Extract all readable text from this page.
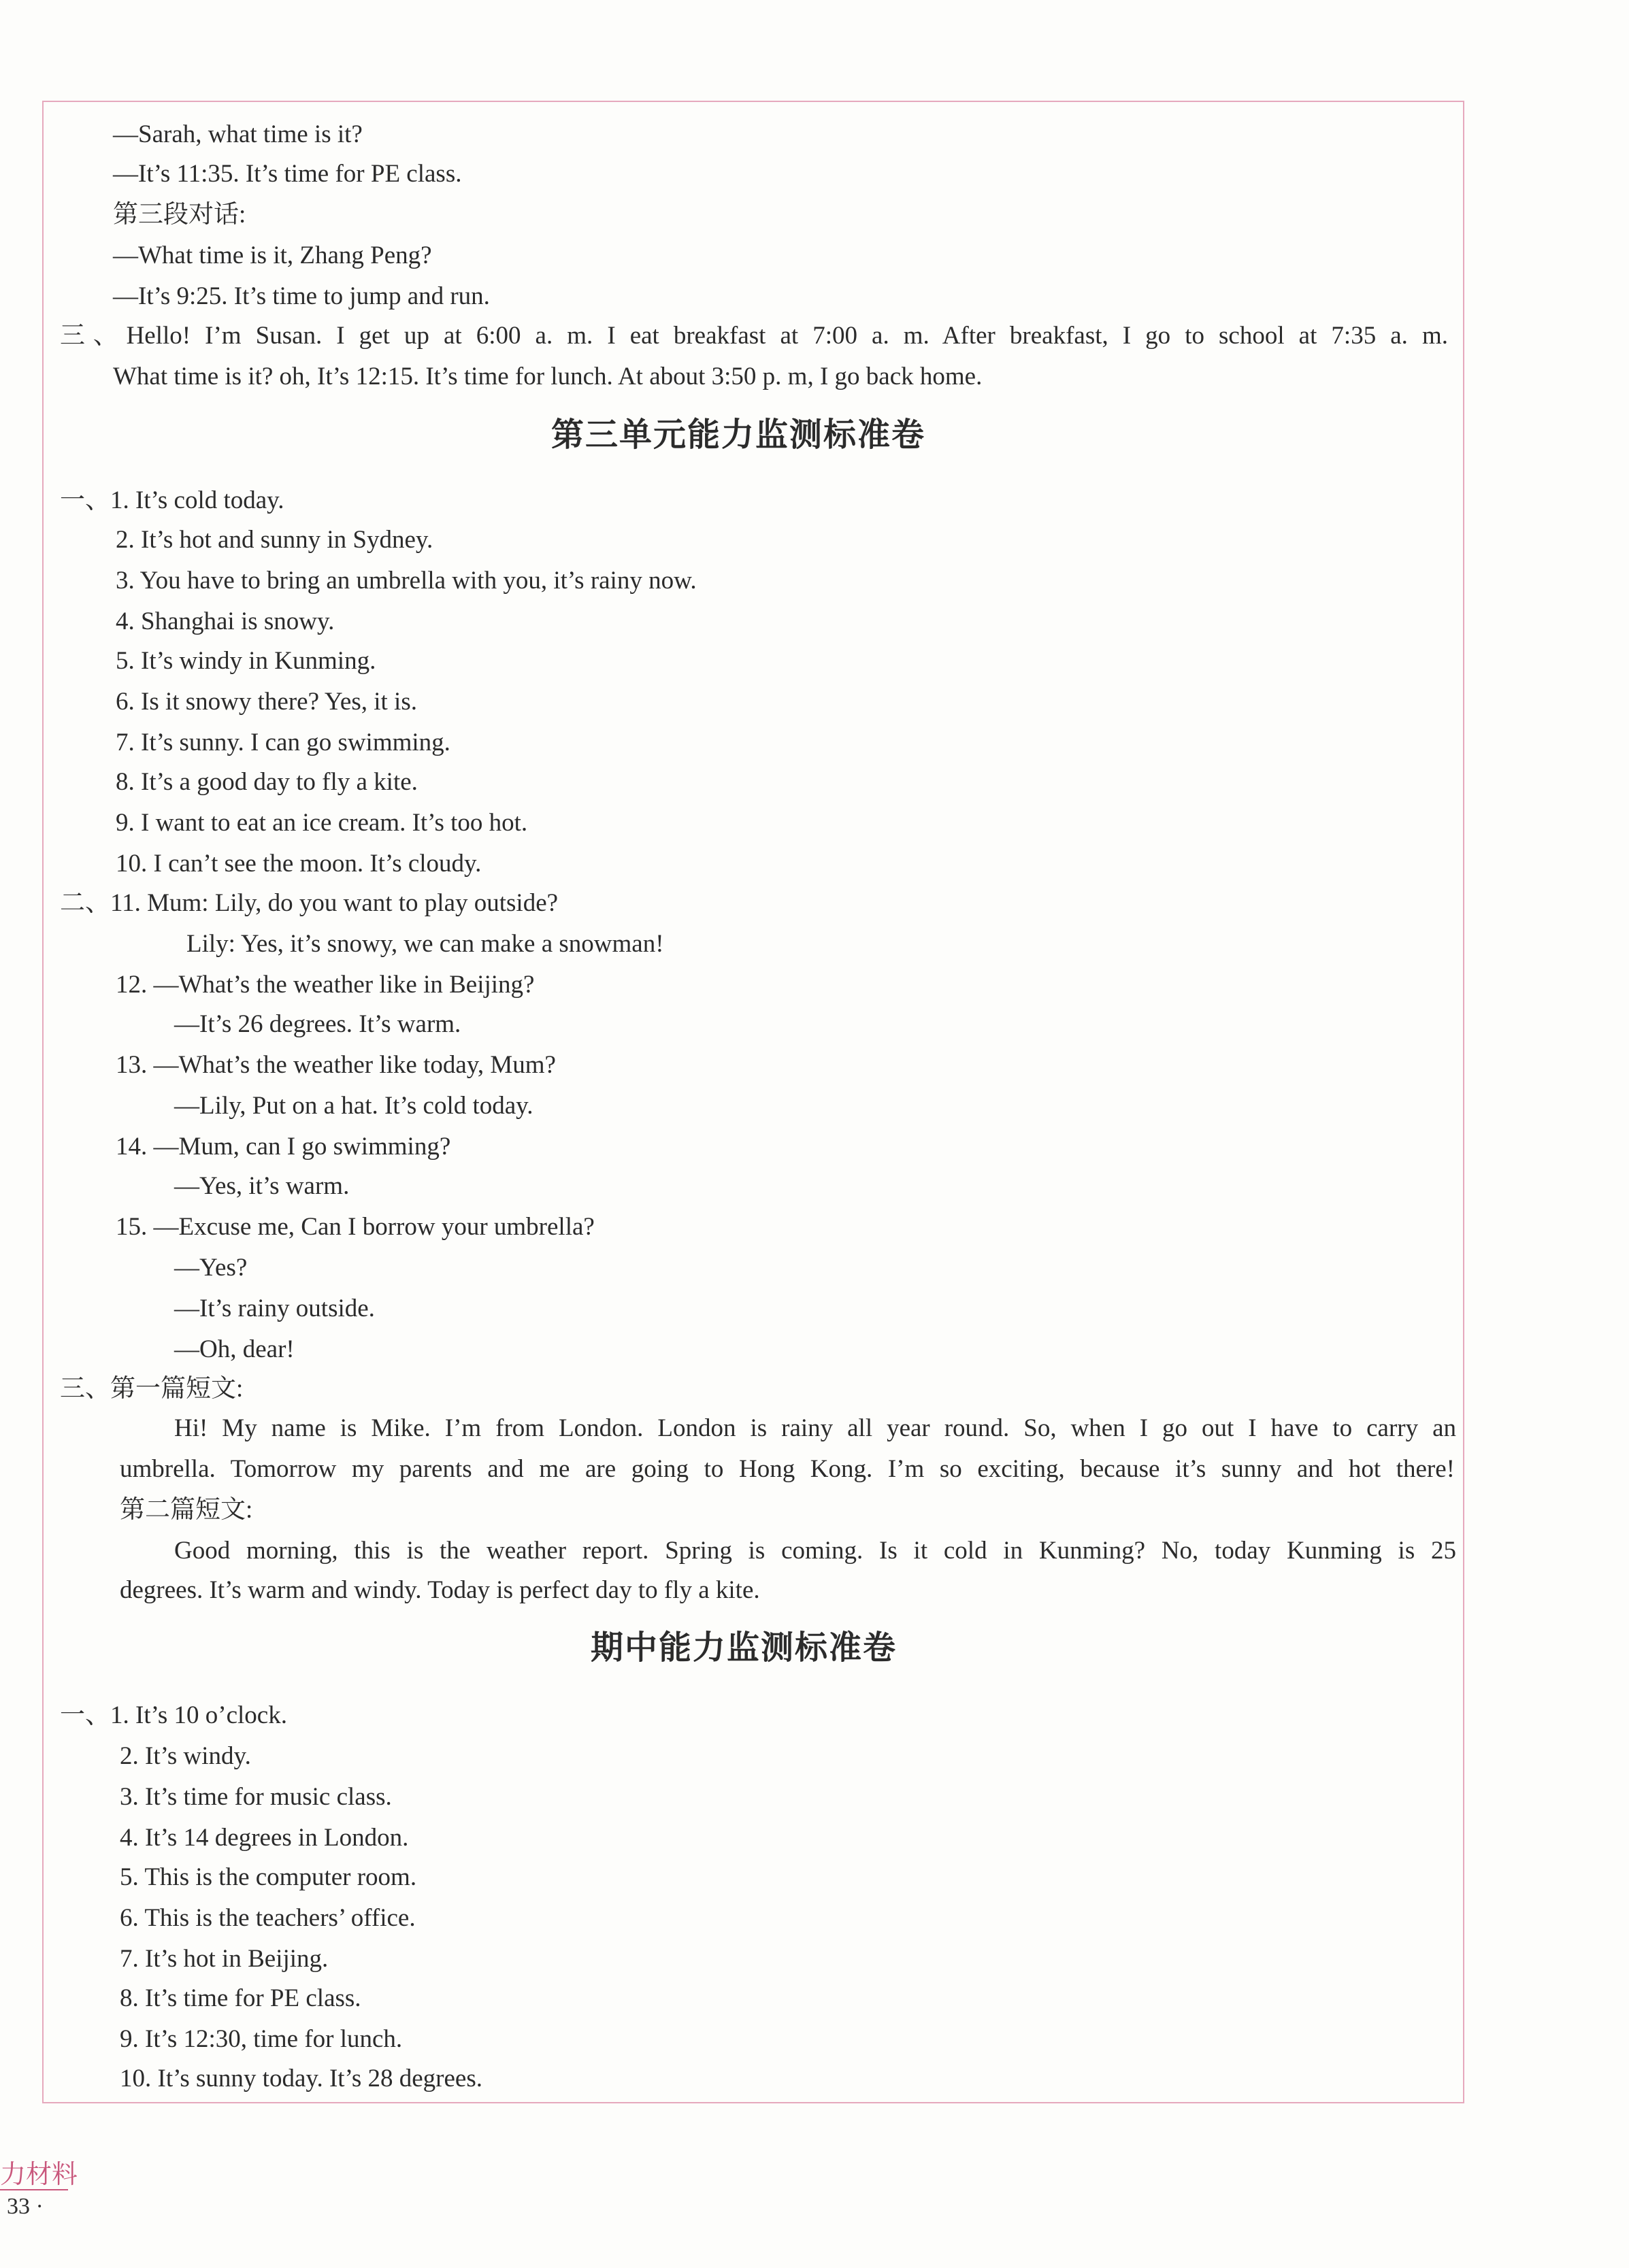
—Sarah, what time is it?
—It’s 11:35. It’s time for PE class.
第三段对话:
—What time is it, Zhang Peng?
—It’s 9:25. It’s time to jump and run.
三、Hello! I’m Susan. I get up at 6:00 a. m. I eat breakfast at 7:00 a. m. After breakfast, I go to school at 7:35 a. m.
What time is it? oh, It’s 12:15. It’s time for lunch. At about 3:50 p. m, I go back home.
第三单元能力监测标准卷
一、1. It’s cold today.
2. It’s hot and sunny in Sydney.
3. You have to bring an umbrella with you, it’s rainy now.
4. Shanghai is snowy.
5. It’s windy in Kunming.
6. Is it snowy there? Yes, it is.
7. It’s sunny. I can go swimming.
8. It’s a good day to fly a kite.
9. I want to eat an ice cream. It’s too hot.
10. I can’t see the moon. It’s cloudy.
二、11. Mum: Lily, do you want to play outside?
Lily: Yes, it’s snowy, we can make a snowman!
12. —What’s the weather like in Beijing?
—It’s 26 degrees. It’s warm.
13. —What’s the weather like today, Mum?
—Lily, Put on a hat. It’s cold today.
14. —Mum, can I go swimming?
—Yes, it’s warm.
15. —Excuse me, Can I borrow your umbrella?
—Yes?
—It’s rainy outside.
—Oh, dear!
三、第一篇短文:
Hi! My name is Mike. I’m from London. London is rainy all year round. So, when I go out I have to carry an
umbrella. Tomorrow my parents and me are going to Hong Kong. I’m so exciting, because it’s sunny and hot there!
第二篇短文:
Good morning, this is the weather report. Spring is coming. Is it cold in Kunming? No, today Kunming is 25
degrees. It’s warm and windy. Today is perfect day to fly a kite.
期中能力监测标准卷
一、1. It’s 10 o’clock.
2. It’s windy.
3. It’s time for music class.
4. It’s 14 degrees in London.
5. This is the computer room.
6. This is the teachers’ office.
7. It’s hot in Beijing.
8. It’s time for PE class.
9. It’s 12:30, time for lunch.
10. It’s sunny today. It’s 28 degrees.
力材料
33 ·
